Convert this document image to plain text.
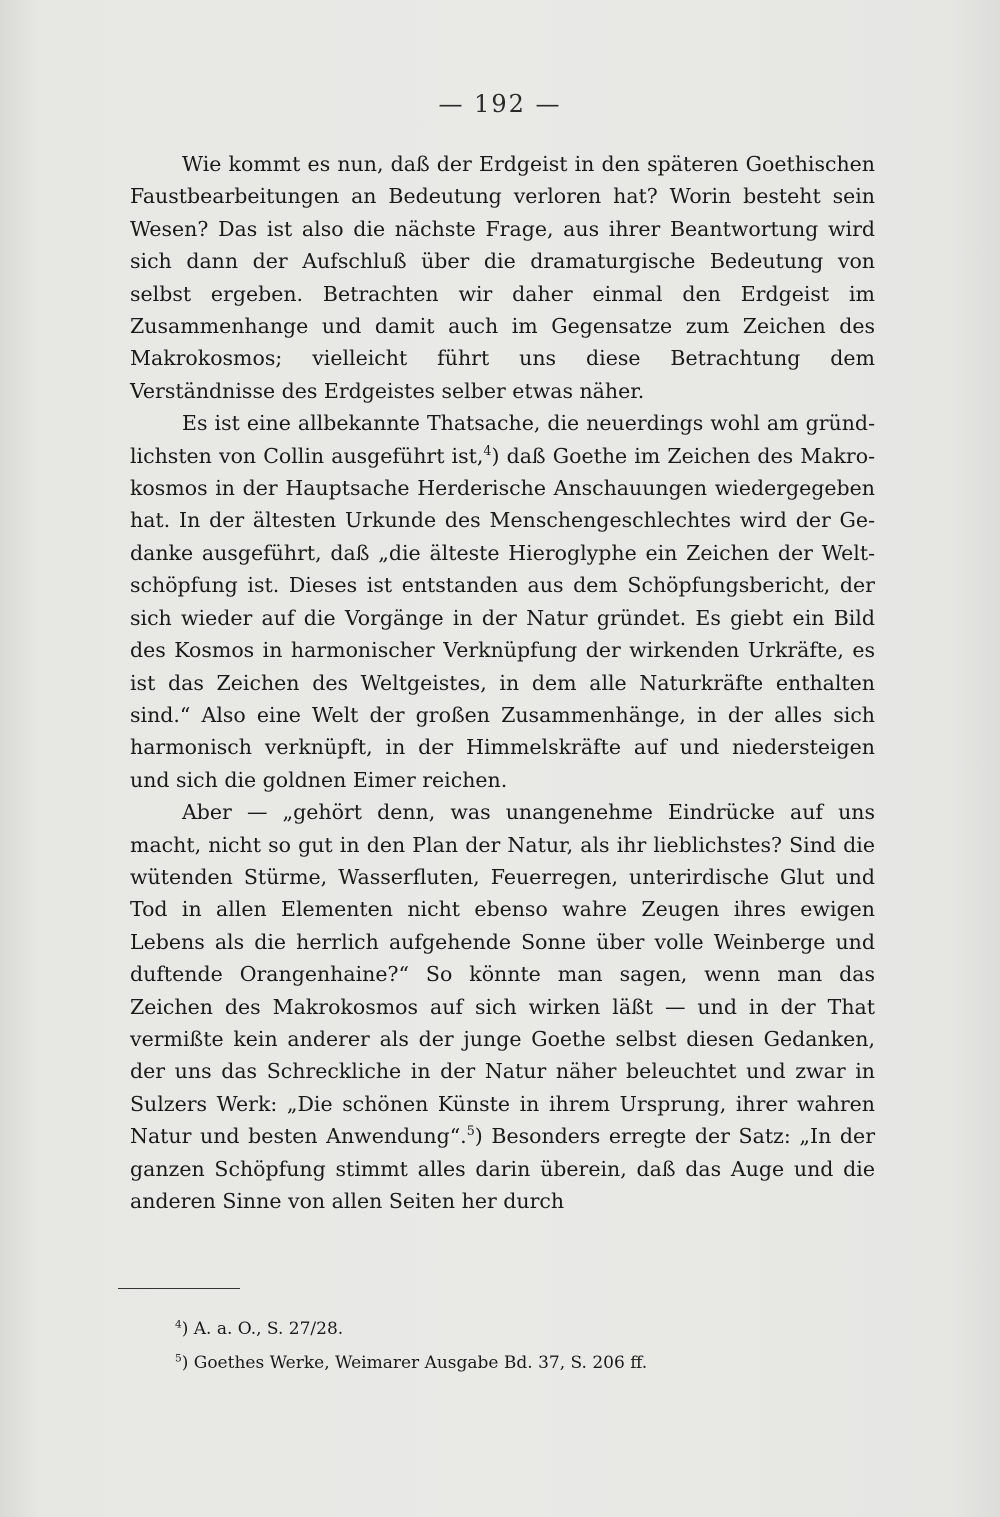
— 192 —

Wie kommt es nun, daß der Erdgeist in den späteren Goethischen Faustbearbeitungen an Bedeutung verloren hat? Worin besteht sein Wesen? Das ist also die nächste Frage, aus ihrer Beantwortung wird sich dann der Aufschluß über die dramaturgische Bedeutung von selbst ergeben. Betrachten wir daher einmal den Erdgeist im Zusammenhange und damit auch im Gegensatze zum Zeichen des Makrokosmos; vielleicht führt uns diese Betrachtung dem Verständnisse des Erdgeistes selber etwas näher.

Es ist eine allbekannte Thatsache, die neuerdings wohl am gründlichsten von Collin ausgeführt ist,$^4$) daß Goethe im Zeichen des Makrokosmos in der Hauptsache Herderische Anschauungen wiedergegeben hat. In der ältesten Urkunde des Menschengeschlechtes wird der Gedanke ausgeführt, daß „die älteste Hieroglyphe ein Zeichen der Weltschöpfung ist. Dieses ist entstanden aus dem Schöpfungsbericht, der sich wieder auf die Vorgänge in der Natur gründet. Es giebt ein Bild des Kosmos in harmonischer Verknüpfung der wirkenden Urkräfte, es ist das Zeichen des Weltgeistes, in dem alle Naturkräfte enthalten sind.“ Also eine Welt der großen Zusammenhänge, in der alles sich harmonisch verknüpft, in der Himmelskräfte auf und niedersteigen und sich die goldnen Eimer reichen.

Aber — „gehört denn, was unangenehme Eindrücke auf uns macht, nicht so gut in den Plan der Natur, als ihr lieblichstes? Sind die wütenden Stürme, Wasserfluten, Feuerregen, unterirdische Glut und Tod in allen Elementen nicht ebenso wahre Zeugen ihres ewigen Lebens als die herrlich aufgehende Sonne über volle Weinberge und duftende Orangenhaine?“ So könnte man sagen, wenn man das Zeichen des Makrokosmos auf sich wirken läßt — und in der That vermißte kein anderer als der junge Goethe selbst diesen Gedanken, der uns das Schreckliche in der Natur näher beleuchtet und zwar in Sulzers Werk: „Die schönen Künste in ihrem Ursprung, ihrer wahren Natur und besten Anwendung“.$^5$) Besonders erregte der Satz: „In der ganzen Schöpfung stimmt alles darin überein, daß das Auge und die anderen Sinne von allen Seiten her durch

$^4$) A. a. O., S. 27/28.

$^5$) Goethes Werke, Weimarer Ausgabe Bd. 37, S. 206 ff.
